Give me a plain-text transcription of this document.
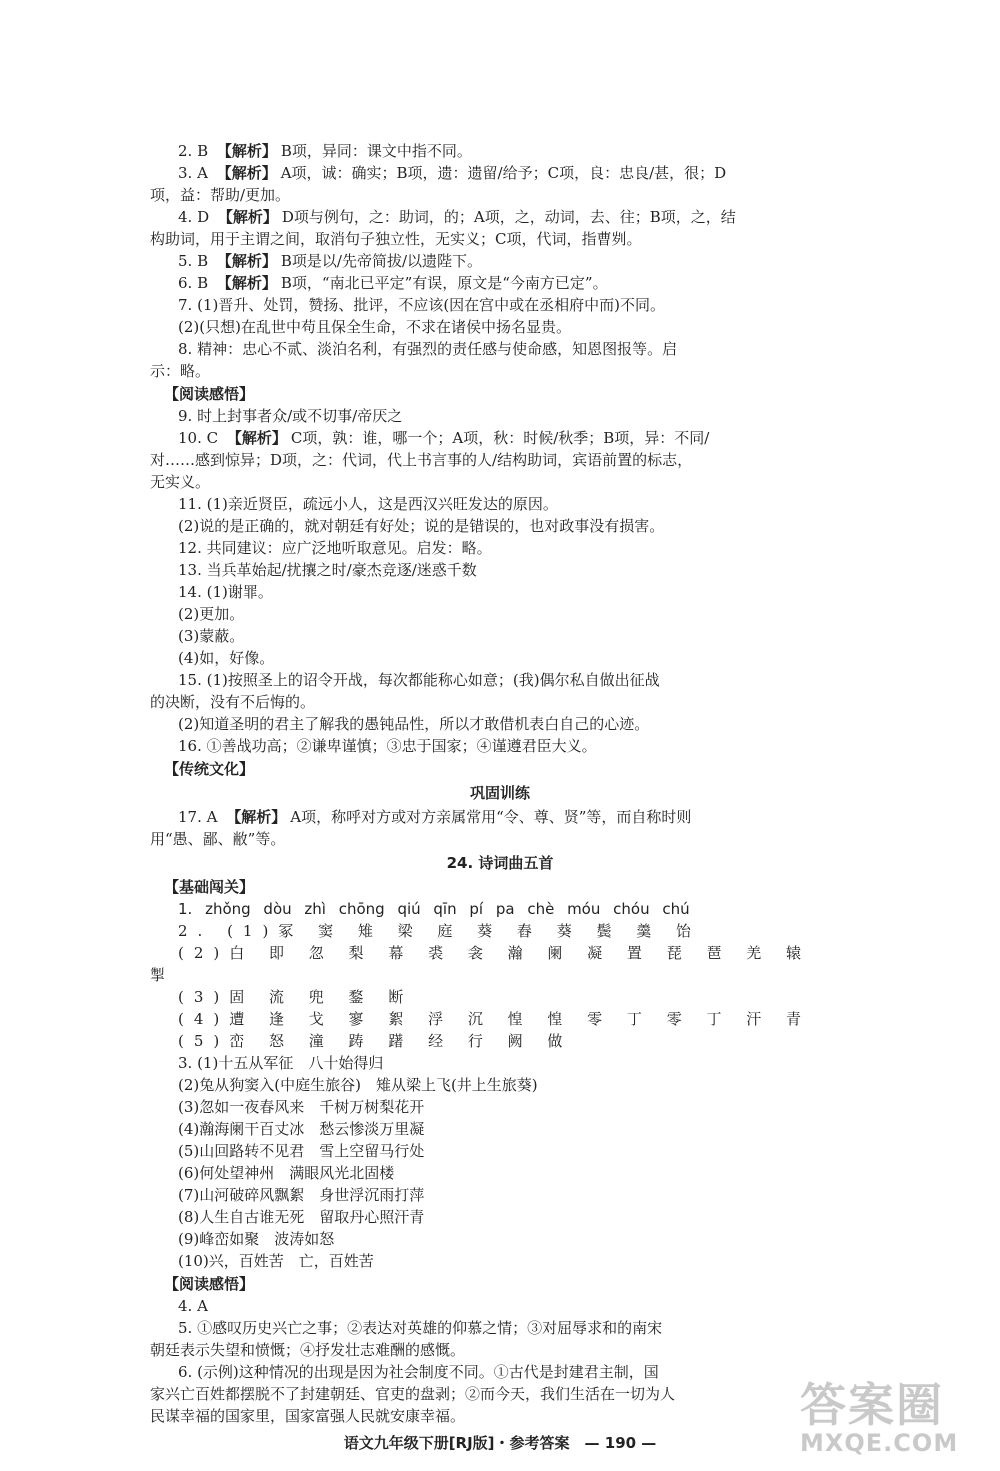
2. B 【解析】 B项，异同：课文中指不同。
3. A 【解析】 A项，诚：确实；B项，遗：遗留/给予；C项，良：忠良/甚，很；D
项，益：帮助/更加。
4. D 【解析】 D项与例句，之：助词，的；A项，之，动词，去、往；B项，之，结
构助词，用于主谓之间，取消句子独立性，无实义；C项，代词，指曹刿。
5. B 【解析】 B项是以/先帝简拔/以遗陛下。
6. B 【解析】 B项，“南北已平定”有误，原文是“今南方已定”。
7. (1)晋升、处罚，赞扬、批评，不应该(因在宫中或在丞相府中而)不同。
(2)(只想)在乱世中苟且保全生命，不求在诸侯中扬名显贵。
8. 精神：忠心不贰、淡泊名利，有强烈的责任感与使命感，知恩图报等。启
示：略。
【阅读感悟】
9. 时上封事者众/或不切事/帝厌之
10. C 【解析】 C项，孰：谁，哪一个；A项，秋：时候/秋季；B项，异：不同/
对……感到惊异；D项，之：代词，代上书言事的人/结构助词，宾语前置的标志，
无实义。
11. (1)亲近贤臣，疏远小人，这是西汉兴旺发达的原因。
(2)说的是正确的，就对朝廷有好处；说的是错误的，也对政事没有损害。
12. 共同建议：应广泛地听取意见。启发：略。
13. 当兵革始起/扰攘之时/豪杰竞逐/迷惑千数
14. (1)谢罪。
(2)更加。
(3)蒙蔽。
(4)如，好像。
15. (1)按照圣上的诏令开战，每次都能称心如意；(我)偶尔私自做出征战
的决断，没有不后悔的。
(2)知道圣明的君主了解我的愚钝品性，所以才敢借机表白自己的心迹。
16. ①善战功高；②谦卑谨慎；③忠于国家；④谨遵君臣大义。
【传统文化】
巩固训练
17. A 【解析】 A项，称呼对方或对方亲属常用“令、尊、贤”等，而自称时则
用“愚、鄙、敝”等。
24. 诗词曲五首
【基础闯关】
1. zhǒng dòu zhì chōng qiú qīn pí pa chè móu chóu chú
2. (1)冢 窦 雉 梁 庭 葵 舂 葵 鬓 羹 饴
(2)白 即 忽 梨 幕 裘 衾 瀚 阑 凝 置 琵 琶 羌 辕
掣
(3)固 流 兜 鍪 断
(4)遭 逢 戈 寥 絮 浮 沉 惶 惶 零 丁 零 丁 汗 青
(5)峦 怒 潼 踌 躇 经 行 阙 做
3. (1)十五从军征　八十始得归
(2)兔从狗窦入(中庭生旅谷)　雉从梁上飞(井上生旅葵)
(3)忽如一夜春风来　千树万树梨花开
(4)瀚海阑干百丈冰　愁云惨淡万里凝
(5)山回路转不见君　雪上空留马行处
(6)何处望神州　满眼风光北固楼
(7)山河破碎风飘絮　身世浮沉雨打萍
(8)人生自古谁无死　留取丹心照汗青
(9)峰峦如聚　波涛如怒
(10)兴，百姓苦　亡，百姓苦
【阅读感悟】
4. A
5. ①感叹历史兴亡之事；②表达对英雄的仰慕之情；③对屈辱求和的南宋
朝廷表示失望和愤慨；④抒发壮志难酬的感慨。
6. (示例)这种情况的出现是因为社会制度不同。①古代是封建君主制，国
家兴亡百姓都摆脱不了封建朝廷、官吏的盘剥；②而今天，我们生活在一切为人
民谋幸福的国家里，国家富强人民就安康幸福。
语文九年级下册[RJ版]・参考答案　— 190 —
答案圈
MXQE.COM
